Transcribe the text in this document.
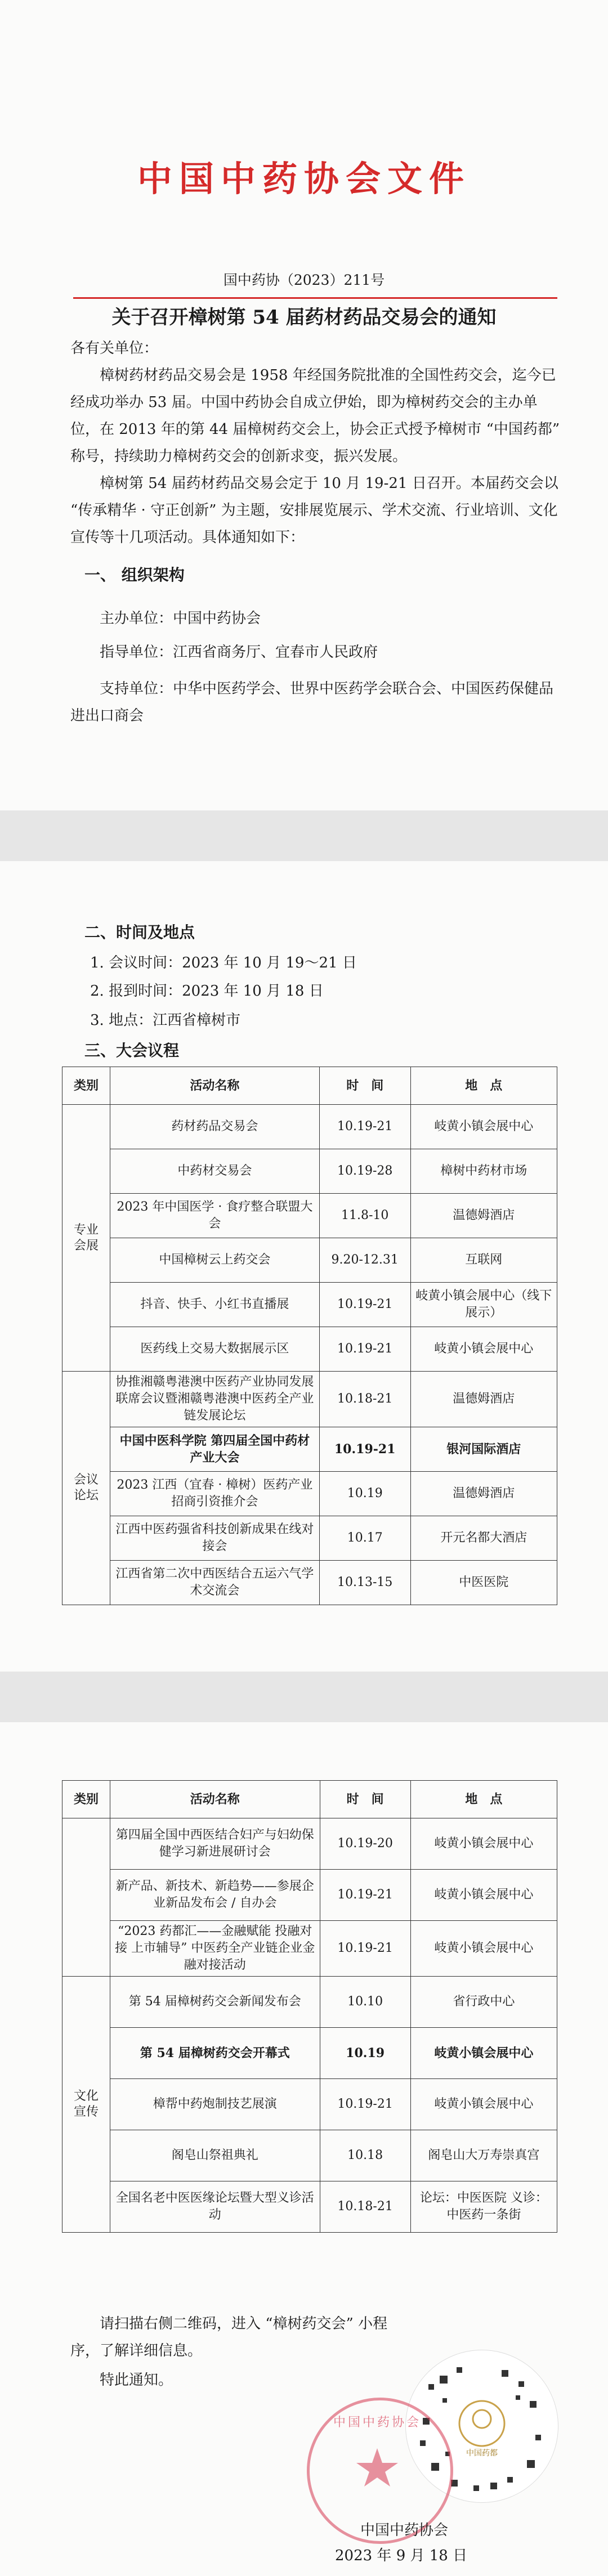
中国中药协会文件
国中药协（2023）211号
关于召开樟树第 54 届药材药品交易会的通知

各有关单位：

樟树药材药品交易会是 1958 年经国务院批准的全国性药交会，迄今已经成功举办 53 届。中国中药协会自成立伊始，即为樟树药交会的主办单位，在 2013 年的第 44 届樟树药交会上，协会正式授予樟树市 “中国药都” 称号，持续助力樟树药交会的创新求变，振兴发展。

樟树第 54 届药材药品交易会定于 10 月 19-21 日召开。本届药交会以 “传承精华 · 守正创新” 为主题，安排展览展示、学术交流、行业培训、文化宣传等十几项活动。具体通知如下：

一、 组织架构

主办单位：中国中药协会

指导单位：江西省商务厅、宜春市人民政府

支持单位：中华中医药学会、世界中医药学会联合会、中国医药保健品进出口商会

二、时间及地点
1. 会议时间：2023 年 10 月 19～21 日
2. 报到时间：2023 年 10 月 18 日
3. 地点：江西省樟树市
三、大会议程
类别	活动名称	时　间	地　点
专业会展	药材药品交易会	10.19-21	岐黄小镇会展中心
	中药材交易会	10.19-28	樟树中药材市场
	2023 年中国医学 · 食疗整合联盟大会	11.8-10	温德姆酒店
	中国樟树云上药交会	9.20-12.31	互联网
	抖音、快手、小红书直播展	10.19-21	岐黄小镇会展中心（线下展示）
	医药线上交易大数据展示区	10.19-21	岐黄小镇会展中心
会议论坛	协推湘赣粤港澳中医药产业协同发展联席会议暨湘赣粤港澳中医药全产业链发展论坛	10.18-21	温德姆酒店
	中国中医科学院 第四届全国中药材产业大会	10.19-21	银河国际酒店
	2023 江西（宜春 · 樟树）医药产业招商引资推介会	10.19	温德姆酒店
	江西中医药强省科技创新成果在线对接会	10.17	开元名都大酒店
	江西省第二次中西医结合五运六气学术交流会	10.13-15	中医医院
类别	活动名称	时　间	地　点
	第四届全国中西医结合妇产与妇幼保健学习新进展研讨会	10.19-20	岐黄小镇会展中心
	新产品、新技术、新趋势——参展企业新品发布会 / 自办会	10.19-21	岐黄小镇会展中心
	“2023 药都汇——金融赋能 投融对接 上市辅导” 中医药全产业链企业金融对接活动	10.19-21	岐黄小镇会展中心
文化宣传	第 54 届樟树药交会新闻发布会	10.10	省行政中心
	第 54 届樟树药交会开幕式	10.19	岐黄小镇会展中心
	樟帮中药炮制技艺展演	10.19-21	岐黄小镇会展中心
	阁皂山祭祖典礼	10.18	阁皂山大万寿崇真宫
	全国名老中医医缘论坛暨大型义诊活动	10.18-21	论坛：中医医院 义诊：中医药一条街

请扫描右侧二维码，进入 “樟树药交会” 小程序，了解详细信息。

特此通知。

中国药都
中国中药协会
中国中药协会
2023 年 9 月 18 日
